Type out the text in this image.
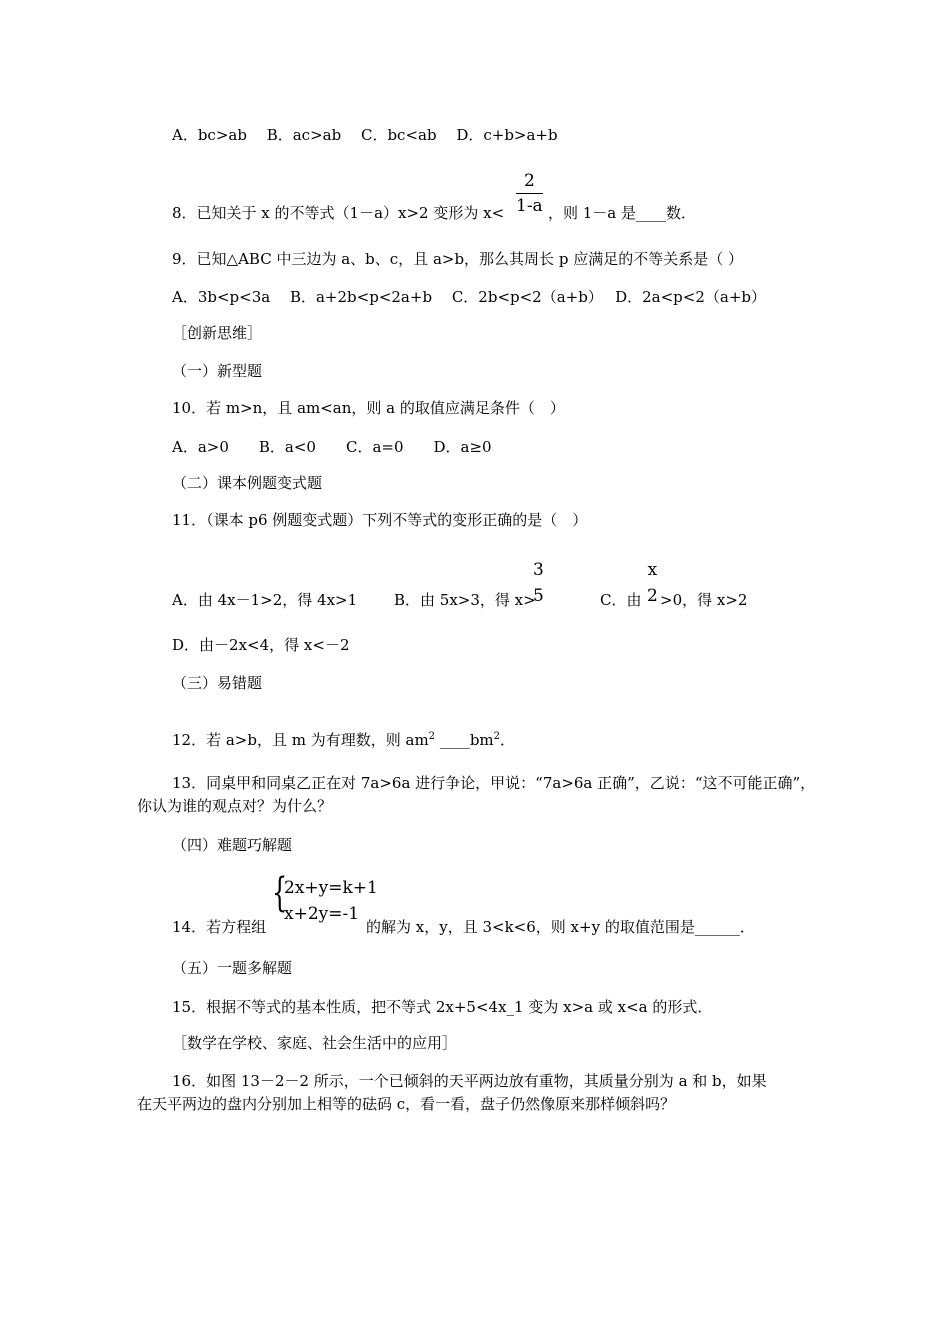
A．bc>ab　 B．ac>ab　 C．bc<ab　 D．c+b>a+b
8．已知关于 x 的不等式（1－a）x>2 变形为 $x< \frac{2}{1-a}$ ，则 1－a 是____数．
9．已知△ABC 中三边为 a、b、c，且 a>b，那么其周长 p 应满足的不等关系是（ ）
A．3b<p<3a　 B．a+2b<p<2a+b　 C．2b<p<2（a+b）　 D．2a<p<2（a+b）
［创新思维］
（一）新型题
10．若 m>n，且 am<an，则 a 的取值应满足条件（　）
A．a>0　　B．a<0　　C．a=0　　D．a≥0
（二）课本例题变式题
11．（课本 p6 例题变式题）下列不等式的变形正确的是（　）
A．由 4x－1>2，得 4x>1 B．由 5x>3，得 x>
3
5	C．由
x
2 >0，得 x>2
D．由－2x<4，得 x<－2
（三）易错题
12．若 a>b，且 m 为有理数，则 $am^2$ $\_\_\_\_bm^2$．
13．同桌甲和同桌乙正在对 7a>6a 进行争论，甲说：“7a>6a 正确”，乙说：“这不可能正确”，
你认为谁的观点对？为什么？
（四）难题巧解题
14．若方程组
{
2x+y=k+1
x+2y=-1
的解为 x，y，且 3<k<6，则 x+y 的取值范围是______．
（五）一题多解题
15．根据不等式的基本性质，把不等式 2x+5<4x_1 变为 x>a 或 x<a 的形式．
［数学在学校、家庭、社会生活中的应用］
16．如图 13－2－2 所示，一个已倾斜的天平两边放有重物，其质量分别为 a 和 b，如果
在天平两边的盘内分别加上相等的砝码 c，看一看，盘子仍然像原来那样倾斜吗？
